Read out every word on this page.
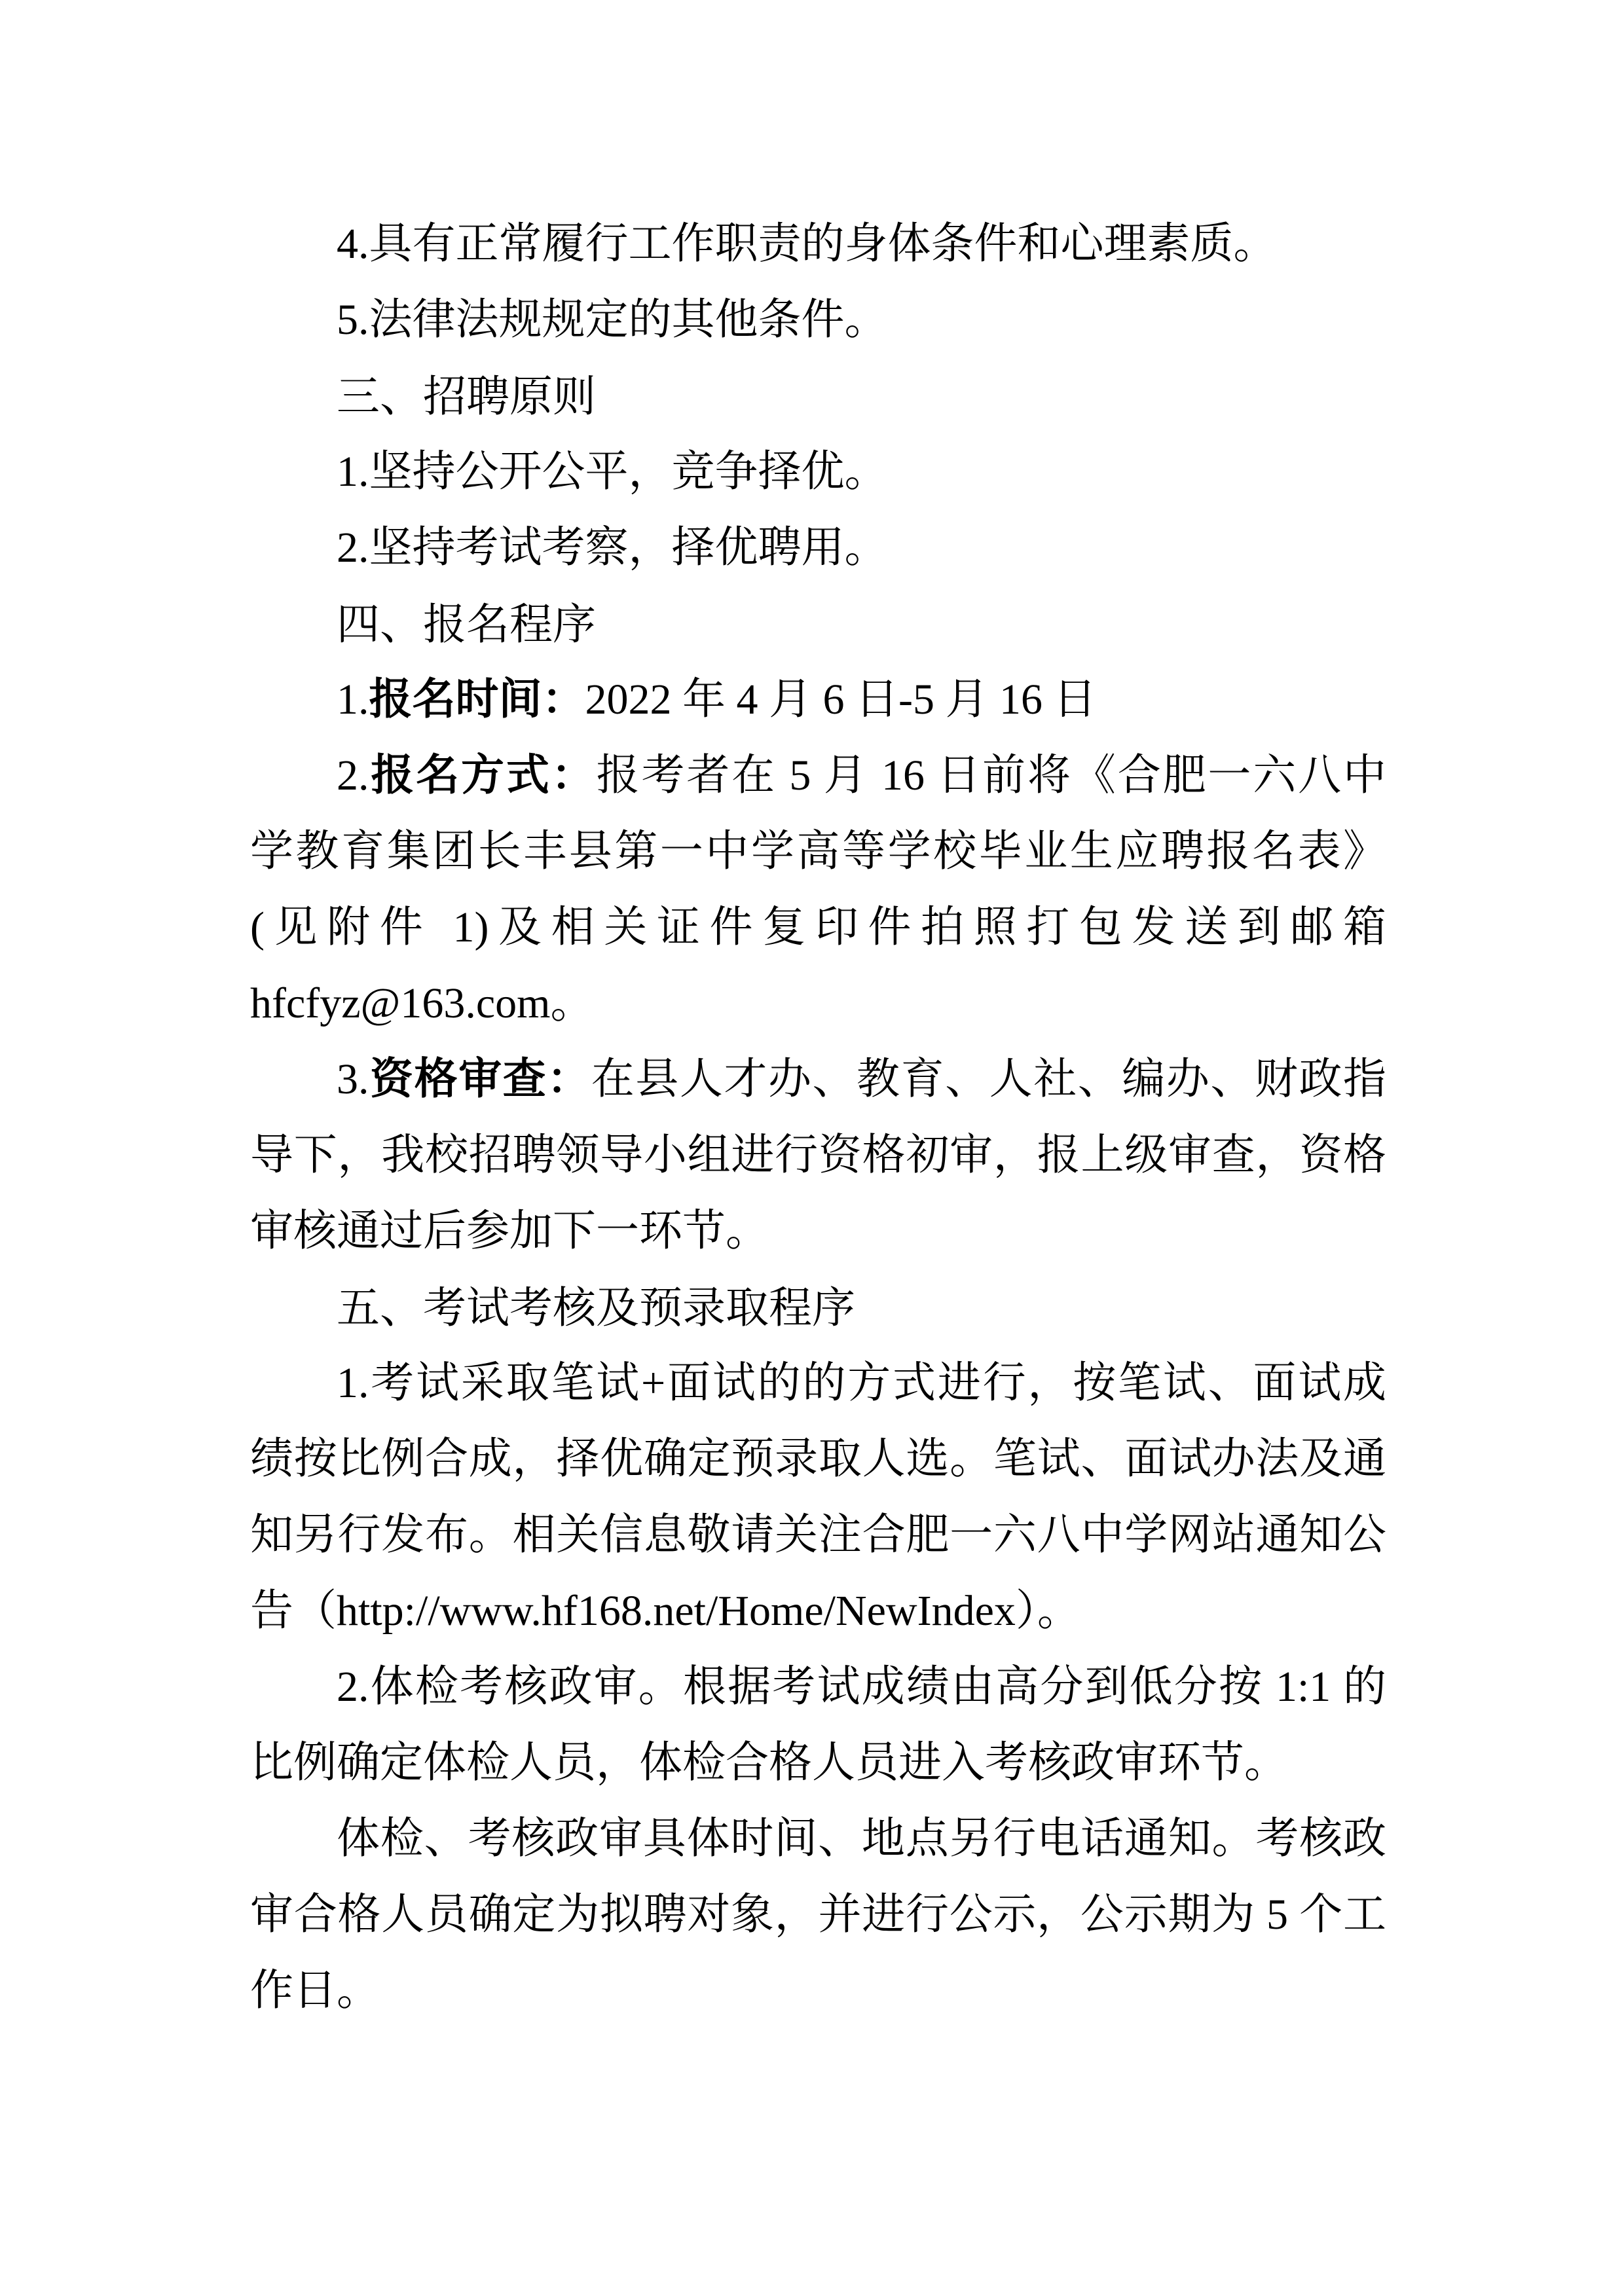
4.具有正常履行工作职责的身体条件和心理素质。
5.法律法规规定的其他条件。
三、招聘原则
1.坚持公开公平，竞争择优。
2.坚持考试考察，择优聘用。
四、报名程序
1.报名时间：2022 年 4 月 6 日-5 月 16 日
2.报名方式：报考者在 5 月 16 日前将《合肥一六八中
学教育集团长丰县第一中学高等学校毕业生应聘报名表》
(见附件 1)及相关证件复印件拍照打包发送到邮箱
hfcfyz@163.com。
3.资格审查：在县人才办、教育、人社、编办、财政指
导下，我校招聘领导小组进行资格初审，报上级审查，资格
审核通过后参加下一环节。
五、考试考核及预录取程序
1.考试采取笔试+面试的的方式进行，按笔试、面试成
绩按比例合成，择优确定预录取人选。笔试、面试办法及通
知另行发布。相关信息敬请关注合肥一六八中学网站通知公
告（http://www.hf168.net/Home/NewIndex）。
2.体检考核政审。根据考试成绩由高分到低分按 1:1 的
比例确定体检人员，体检合格人员进入考核政审环节。
体检、考核政审具体时间、地点另行电话通知。考核政
审合格人员确定为拟聘对象，并进行公示，公示期为 5 个工
作日。
